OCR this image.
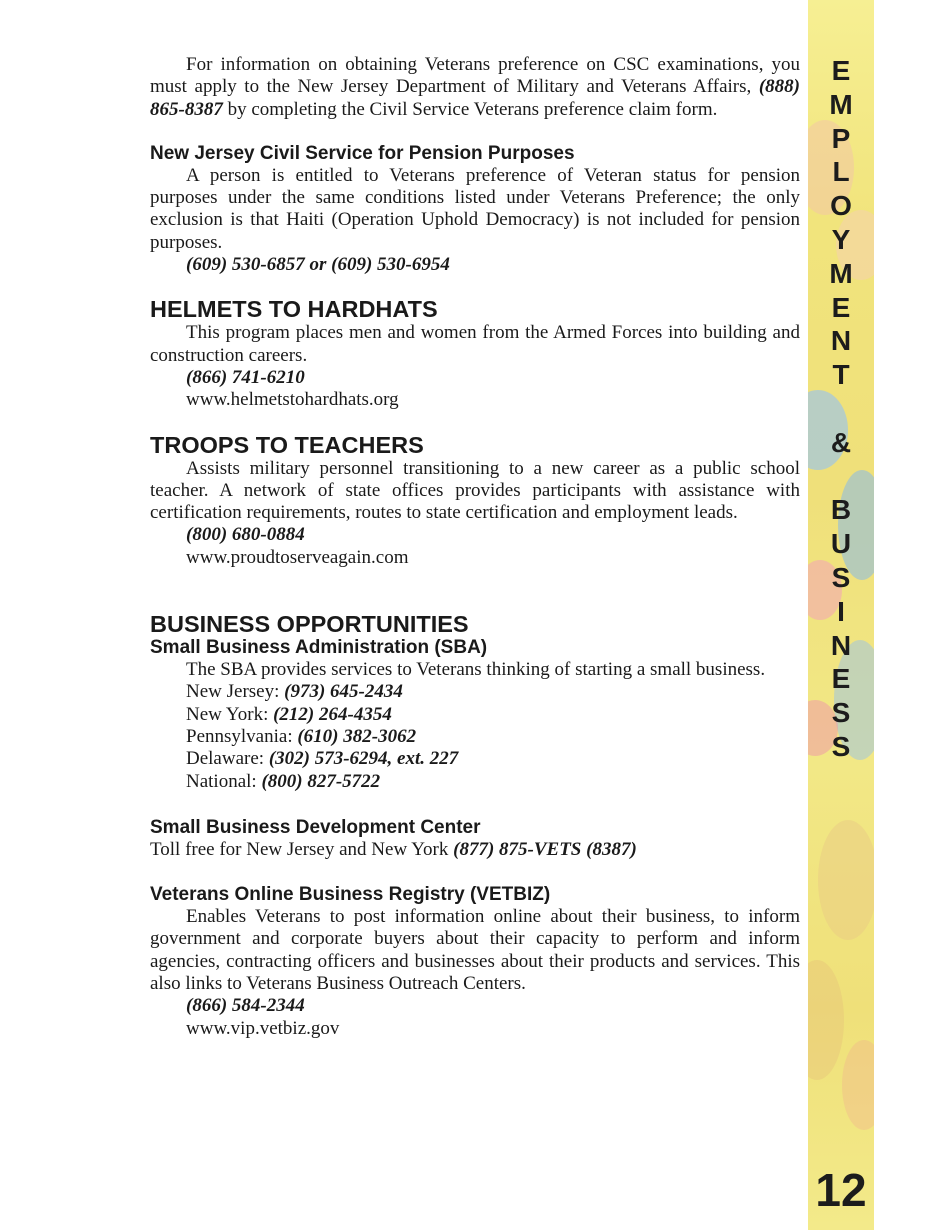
For information on obtaining Veterans preference on CSC examinations, you must apply to the New Jersey Department of Military and Veterans Affairs, (888) 865-8387 by completing the Civil Service Veterans preference claim form.

New Jersey Civil Service for Pension Purposes

A person is entitled to Veterans preference of Veteran status for pension purposes under the same conditions listed under Veterans Preference; the only exclusion is that Haiti (Operation Uphold Democracy) is not included for pension purposes.

(609) 530-6857 or (609) 530-6954

HELMETS TO HARDHATS

This program places men and women from the Armed Forces into building and construction careers.

(866) 741-6210

www.helmetstohardhats.org

TROOPS TO TEACHERS

Assists military personnel transitioning to a new career as a public school teacher. A network of state offices provides participants with assistance with certification requirements, routes to state certification and employment leads.

(800) 680-0884

www.proudtoserveagain.com

BUSINESS OPPORTUNITIES
Small Business Administration (SBA)

The SBA provides services to Veterans thinking of starting a small business.

New Jersey: (973) 645-2434

New York: (212) 264-4354

Pennsylvania: (610) 382-3062

Delaware: (302) 573-6294, ext. 227

National: (800) 827-5722

Small Business Development Center

Toll free for New Jersey and New York (877) 875-VETS (8387)

Veterans Online Business Registry (VETBIZ)

Enables Veterans to post information online about their business, to inform government and corporate buyers about their capacity to perform and inform agencies, contracting officers and businesses about their products and services. This also links to Veterans Business Outreach Centers.

(866) 584-2344

www.vip.vetbiz.gov

E
M
P
L
O
Y
M
E
N
T
&
B
U
S
I
N
E
S
S
12
